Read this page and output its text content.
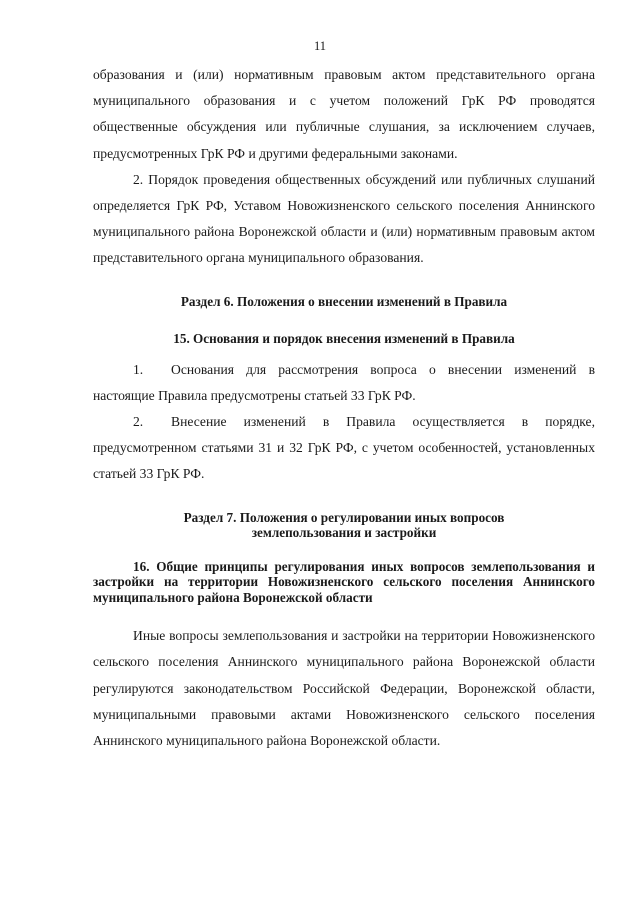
11

образования и (или) нормативным правовым актом представительного органа муниципального образования и с учетом положений ГрК РФ проводятся общественные обсуждения или публичные слушания, за исключением случаев, предусмотренных ГрК РФ и другими федеральными законами.

2. Порядок проведения общественных обсуждений или публичных слушаний определяется ГрК РФ, Уставом Новожизненского сельского поселения Аннинского муниципального района Воронежской области и (или) нормативным правовым актом представительного органа муниципального образования.

Раздел 6. Положения о внесении изменений в Правила

15. Основания и порядок внесения изменений в Правила

1. Основания для рассмотрения вопроса о внесении изменений в настоящие Правила предусмотрены статьей 33 ГрК РФ.

2. Внесение изменений в Правила осуществляется в порядке, предусмотренном статьями 31 и 32 ГрК РФ, с учетом особенностей, установленных статьей 33 ГрК РФ.

Раздел 7. Положения о регулировании иных вопросов
землепользования и застройки

16. Общие принципы регулирования иных вопросов землепользования и застройки на территории Новожизненского сельского поселения Аннинского муниципального района Воронежской области

Иные вопросы землепользования и застройки на территории Новожизненского сельского поселения Аннинского муниципального района Воронежской области регулируются законодательством Российской Федерации, Воронежской области, муниципальными правовыми актами Новожизненского сельского поселения Аннинского муниципального района Воронежской области.
